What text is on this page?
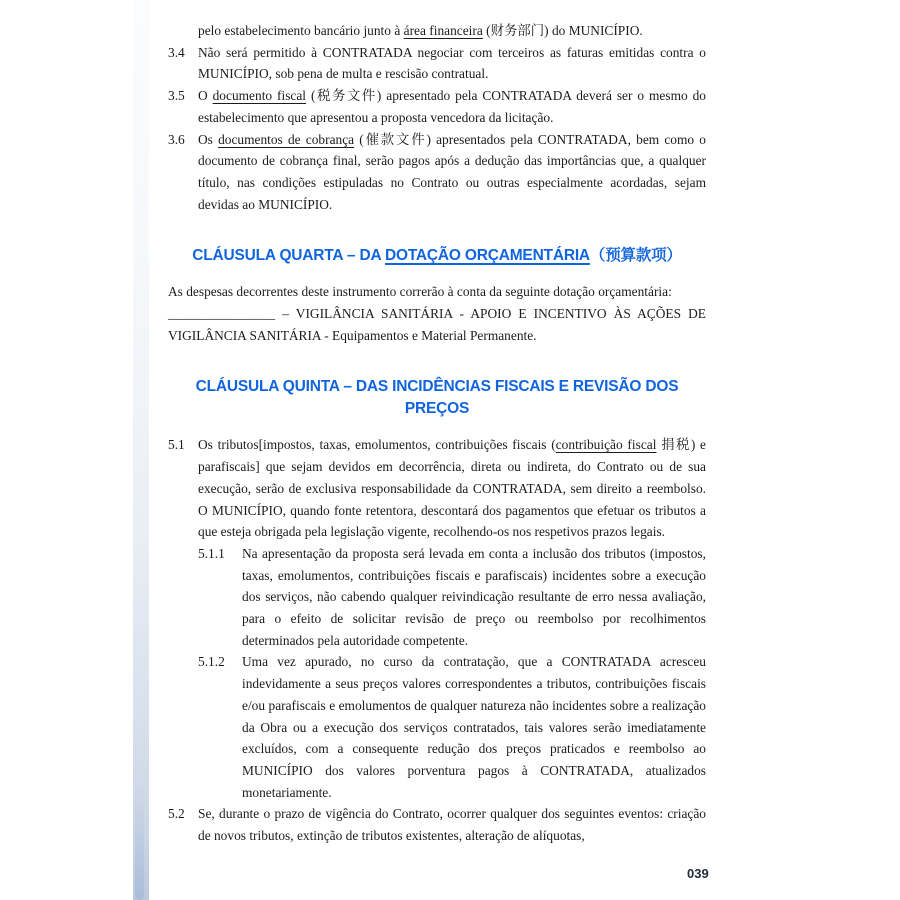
pelo estabelecimento bancário junto à área financeira (财务部门) do MUNICÍPIO.

3.4 Não será permitido à CONTRATADA negociar com terceiros as faturas emitidas contra o MUNICÍPIO, sob pena de multa e rescisão contratual.

3.5 O documento fiscal (税务文件) apresentado pela CONTRATADA deverá ser o mesmo do estabelecimento que apresentou a proposta vencedora da licitação.

3.6 Os documentos de cobrança (催款文件) apresentados pela CONTRATADA, bem como o documento de cobrança final, serão pagos após a dedução das importâncias que, a qualquer título, nas condições estipuladas no Contrato ou outras especialmente acordadas, sejam devidas ao MUNICÍPIO.

CLÁUSULA QUARTA – DA DOTAÇÃO ORÇAMENTÁRIA（预算款项）

As despesas decorrentes deste instrumento correrão à conta da seguinte dotação orçamentária:
________________ – VIGILÂNCIA SANITÁRIA - APOIO E INCENTIVO ÀS AÇÕES DE VIGILÂNCIA SANITÁRIA - Equipamentos e Material Permanente.

CLÁUSULA QUINTA – DAS INCIDÊNCIAS FISCAIS E REVISÃO DOS PREÇOS

5.1 Os tributos[impostos, taxas, emolumentos, contribuições fiscais (contribuição fiscal 捐税) e parafiscais] que sejam devidos em decorrência, direta ou indireta, do Contrato ou de sua execução, serão de exclusiva responsabilidade da CONTRATADA, sem direito a reembolso. O MUNICÍPIO, quando fonte retentora, descontará dos pagamentos que efetuar os tributos a que esteja obrigada pela legislação vigente, recolhendo-os nos respetivos prazos legais.

5.1.1 Na apresentação da proposta será levada em conta a inclusão dos tributos (impostos, taxas, emolumentos, contribuições fiscais e parafiscais) incidentes sobre a execução dos serviços, não cabendo qualquer reivindicação resultante de erro nessa avaliação, para o efeito de solicitar revisão de preço ou reembolso por recolhimentos determinados pela autoridade competente.

5.1.2 Uma vez apurado, no curso da contratação, que a CONTRATADA acresceu indevidamente a seus preços valores correspondentes a tributos, contribuições fiscais e/ou parafiscais e emolumentos de qualquer natureza não incidentes sobre a realização da Obra ou a execução dos serviços contratados, tais valores serão imediatamente excluídos, com a consequente redução dos preços praticados e reembolso ao MUNICÍPIO dos valores porventura pagos à CONTRATADA, atualizados monetariamente.

5.2 Se, durante o prazo de vigência do Contrato, ocorrer qualquer dos seguintes eventos: criação de novos tributos, extinção de tributos existentes, alteração de alíquotas,

039
